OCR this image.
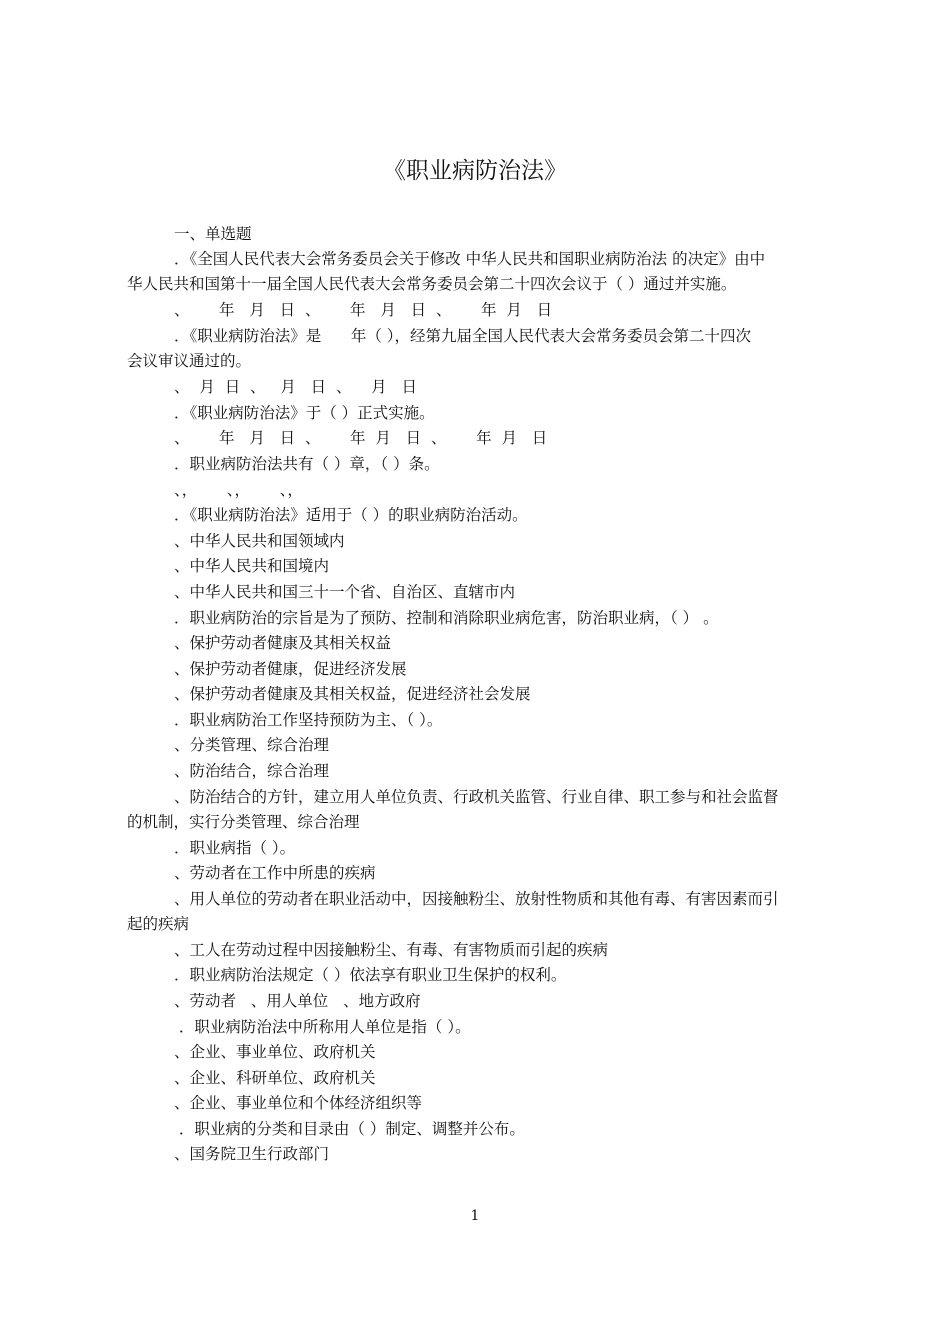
《职业病防治法》
一、单选题
．《全国人民代表大会常务委员会关于修改 中华人民共和国职业病防治法 的决定》由中
华人民共和国第十一届全国人民代表大会常务委员会第二十四次会议于（ ）通过并实施。
、      年   月   日  、      年   月   日  、      年  月   日
．《职业病防治法》是      年（ ），经第九届全国人民代表大会常务委员会第二十四次
会议审议通过的。
、  月  日  、   月   日  、    月   日
．《职业病防治法》于（ ）正式实施。
、      年   月   日  、      年  月   日  、      年  月   日
．职业病防治法共有（ ）章，（ ）条。
、，      、，      、，
．《职业病防治法》适用于（ ）的职业病防治活动。
、中华人民共和国领域内
、中华人民共和国境内
、中华人民共和国三十一个省、自治区、直辖市内
．职业病防治的宗旨是为了预防、控制和消除职业病危害，防治职业病，（ ） 。
、保护劳动者健康及其相关权益
、保护劳动者健康，促进经济发展
、保护劳动者健康及其相关权益，促进经济社会发展
．职业病防治工作坚持预防为主、（ ）。
、分类管理、综合治理
、防治结合，综合治理
、防治结合的方针，建立用人单位负责、行政机关监管、行业自律、职工参与和社会监督
的机制，实行分类管理、综合治理
．职业病指（ ）。
、劳动者在工作中所患的疾病
、用人单位的劳动者在职业活动中，因接触粉尘、放射性物质和其他有毒、有害因素而引
起的疾病
、工人在劳动过程中因接触粉尘、有毒、有害物质而引起的疾病
．职业病防治法规定（ ）依法享有职业卫生保护的权利。
、劳动者   、用人单位   、地方政府
．职业病防治法中所称用人单位是指（ ）。
、企业、事业单位、政府机关
、企业、科研单位、政府机关
、企业、事业单位和个体经济组织等
．职业病的分类和目录由（ ）制定、调整并公布。
、国务院卫生行政部门
1
